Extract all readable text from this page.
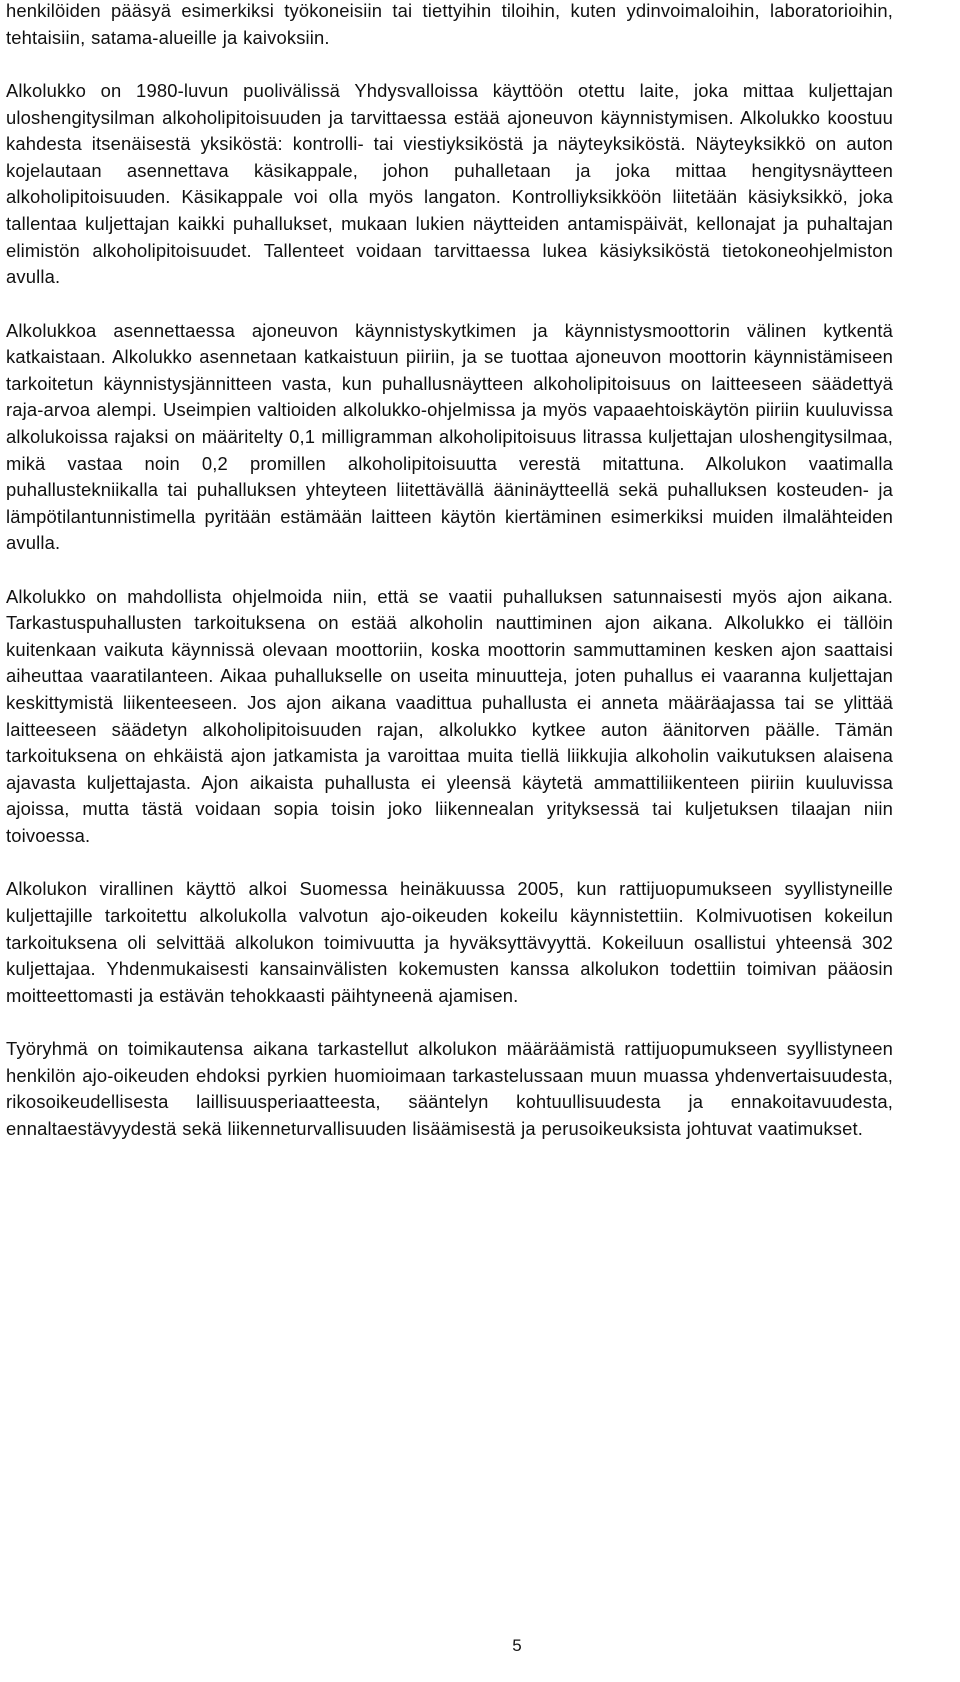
henkilöiden pääsyä esimerkiksi työkoneisiin tai tiettyihin tiloihin, kuten ydinvoimaloihin, laboratorioihin, tehtaisiin, satama-alueille ja kaivoksiin.

Alkolukko on 1980-luvun puolivälissä Yhdysvalloissa käyttöön otettu laite, joka mittaa kuljettajan uloshengitysilman alkoholipitoisuuden ja tarvittaessa estää ajoneuvon käynnistymisen. Alkolukko koostuu kahdesta itsenäisestä yksiköstä: kontrolli- tai viestiyksiköstä ja näyteyksiköstä. Näyteyksikkö on auton kojelautaan asennettava käsikappale, johon puhalletaan ja joka mittaa hengitysnäytteen alkoholipitoisuuden. Käsikappale voi olla myös langaton. Kontrolliyksikköön liitetään käsiyksikkö, joka tallentaa kuljettajan kaikki puhallukset, mukaan lukien näytteiden antamispäivät, kellonajat ja puhaltajan elimistön alkoholipitoisuudet. Tallenteet voidaan tarvittaessa lukea käsiyksiköstä tietokoneohjelmiston avulla.

Alkolukkoa asennettaessa ajoneuvon käynnistyskytkimen ja käynnistysmoottorin välinen kytkentä katkaistaan. Alkolukko asennetaan katkaistuun piiriin, ja se tuottaa ajoneuvon moottorin käynnistämiseen tarkoitetun käynnistysjännitteen vasta, kun puhallusnäytteen alkoholipitoisuus on laitteeseen säädettyä raja-arvoa alempi. Useimpien valtioiden alkolukko-ohjelmissa ja myös vapaaehtoiskäytön piiriin kuuluvissa alkolukoissa rajaksi on määritelty 0,1 milligramman alkoholipitoisuus litrassa kuljettajan uloshengitysilmaa, mikä vastaa noin 0,2 promillen alkoholipitoisuutta verestä mitattuna. Alkolukon vaatimalla puhallustekniikalla tai puhalluksen yhteyteen liitettävällä ääninäytteellä sekä puhalluksen kosteuden- ja lämpötilantunnistimella pyritään estämään laitteen käytön kiertäminen esimerkiksi muiden ilmalähteiden avulla.

Alkolukko on mahdollista ohjelmoida niin, että se vaatii puhalluksen satunnaisesti myös ajon aikana. Tarkastuspuhallusten tarkoituksena on estää alkoholin nauttiminen ajon aikana. Alkolukko ei tällöin kuitenkaan vaikuta käynnissä olevaan moottoriin, koska moottorin sammuttaminen kesken ajon saattaisi aiheuttaa vaaratilanteen. Aikaa puhallukselle on useita minuutteja, joten puhallus ei vaaranna kuljettajan keskittymistä liikenteeseen. Jos ajon aikana vaadittua puhallusta ei anneta määräajassa tai se ylittää laitteeseen säädetyn alkoholipitoisuuden rajan, alkolukko kytkee auton äänitorven päälle. Tämän tarkoituksena on ehkäistä ajon jatkamista ja varoittaa muita tiellä liikkujia alkoholin vaikutuksen alaisena ajavasta kuljettajasta. Ajon aikaista puhallusta ei yleensä käytetä ammattiliikenteen piiriin kuuluvissa ajoissa, mutta tästä voidaan sopia toisin joko liikennealan yrityksessä tai kuljetuksen tilaajan niin toivoessa.

Alkolukon virallinen käyttö alkoi Suomessa heinäkuussa 2005, kun rattijuopumukseen syyllistyneille kuljettajille tarkoitettu alkolukolla valvotun ajo-oikeuden kokeilu käynnistettiin. Kolmivuotisen kokeilun tarkoituksena oli selvittää alkolukon toimivuutta ja hyväksyttävyyttä. Kokeiluun osallistui yhteensä 302 kuljettajaa. Yhdenmukaisesti kansainvälisten kokemusten kanssa alkolukon todettiin toimivan pääosin moitteettomasti ja estävän tehokkaasti päihtyneenä ajamisen.

Työryhmä on toimikautensa aikana tarkastellut alkolukon määräämistä rattijuopumukseen syyllistyneen henkilön ajo-oikeuden ehdoksi pyrkien huomioimaan tarkastelussaan muun muassa yhdenvertaisuudesta, rikosoikeudellisesta laillisuusperiaatteesta, sääntelyn kohtuullisuudesta ja ennakoitavuudesta, ennaltaestävyydestä sekä liikenneturvallisuuden lisäämisestä ja perusoikeuksista johtuvat vaatimukset.

5
